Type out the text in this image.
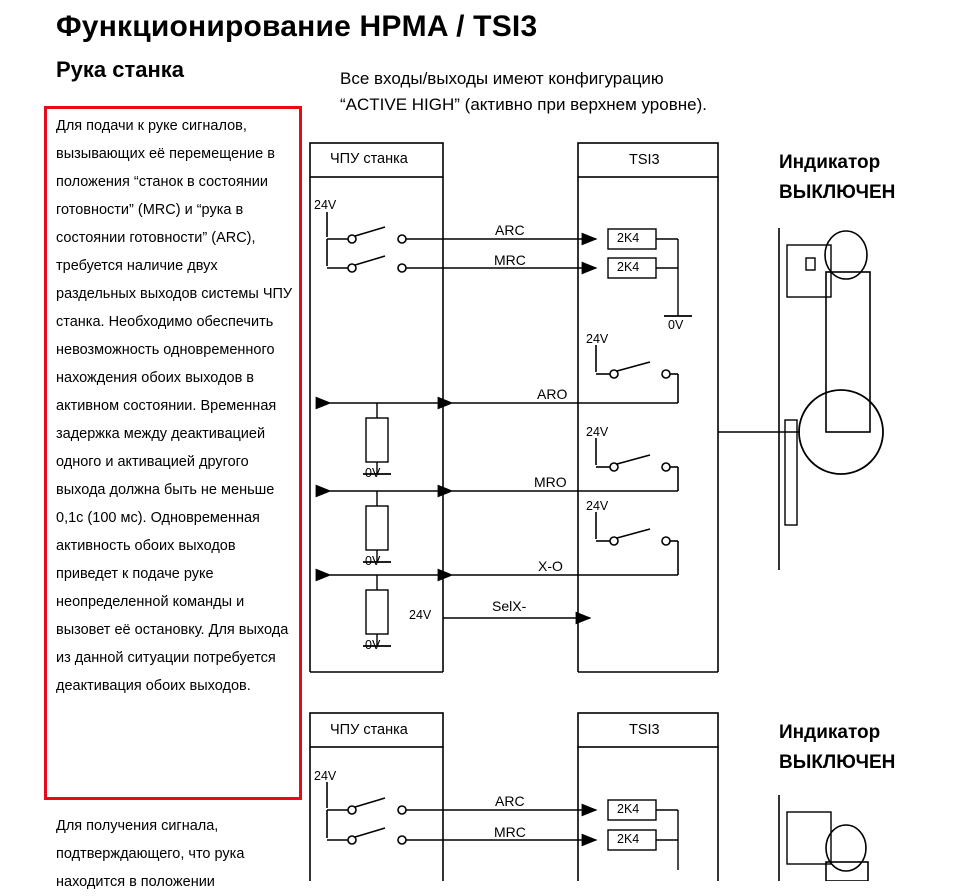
Функционирование HPMA / TSI3
Рука станка	Все входы/выходы имеют конфигурацию
“ACTIVE HIGH” (активно при верхнем уровне).
Для подачи к руке сигналов, вызывающих её перемещение в положения “станок в состоянии готовности” (MRC) и “рука в состоянии готовности” (ARC), требуется наличие двух раздельных выходов системы ЧПУ станка. Необходимо обеспечить невозможность одновременного нахождения обоих выходов в активном состоянии. Временная задержка между деактивацией одного и активацией другого выхода должна быть не меньше 0,1с (100 мс). Одновременная активность обоих выходов приведет к подаче руке неопределенной команды и вызовет её остановку. Для выхода из данной ситуации потребуется деактивация обоих выходов.
Для получения сигнала, подтверждающего, что рука находится в положении
ЧПУ станка	TSI3
24V
ARC
MRC
2K4
2K4
0V
24V
ARO
24V
MRO
24V
X-O
0V
0V
0V
24V
SelX-
Индикатор
ВЫКЛЮЧЕН
ЧПУ станка	TSI3
24V
ARC
MRC
2K4
2K4
Индикатор
ВЫКЛЮЧЕН
